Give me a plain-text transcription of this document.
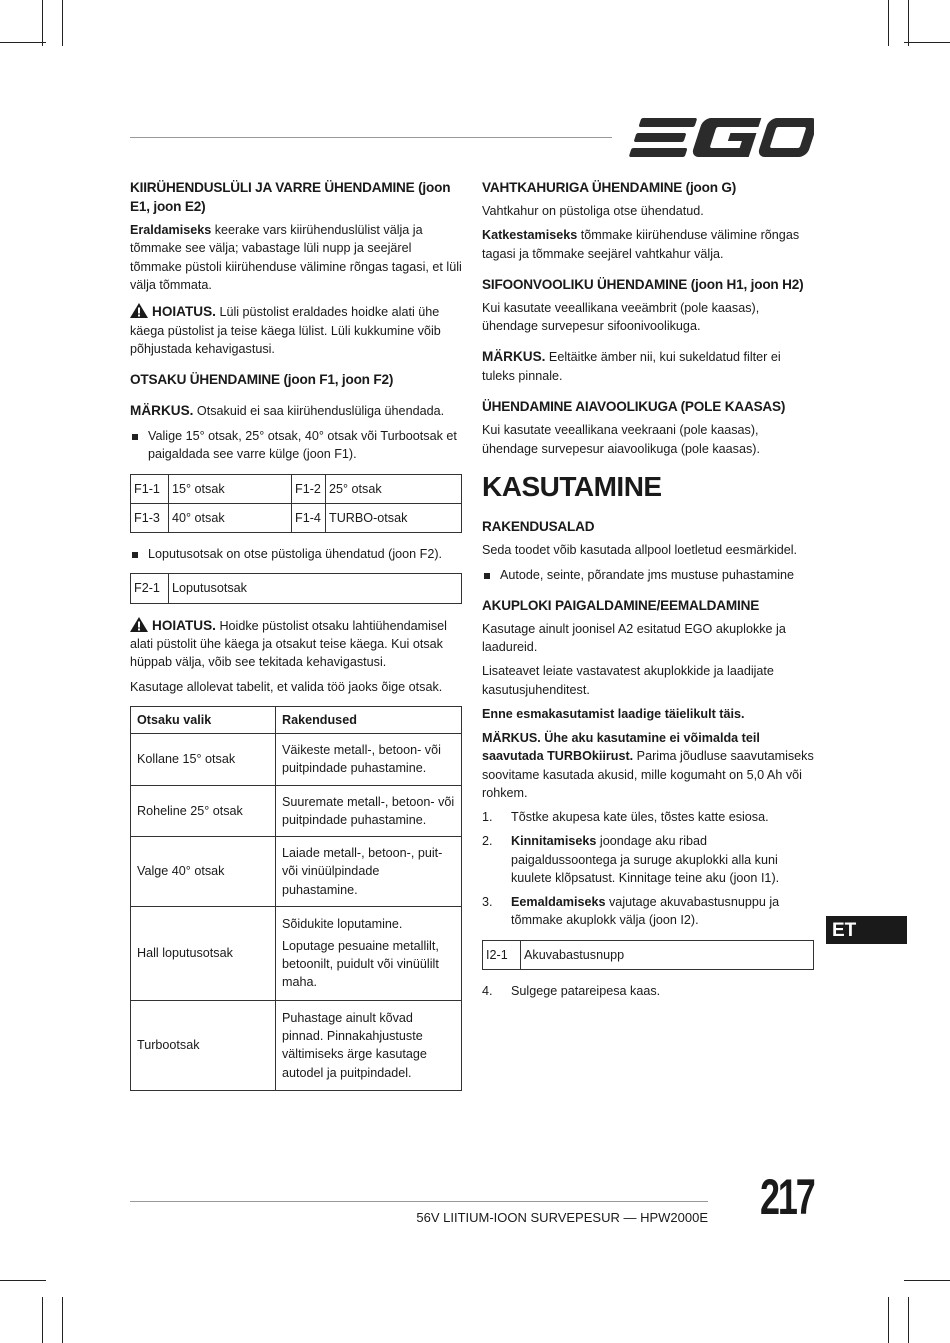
KIIRÜHENDUSLÜLI JA VARRE ÜHENDAMINE (joon E1, joon E2)

Eraldamiseks keerake vars kiirühenduslülist välja ja tõmmake see välja; vabastage lüli nupp ja seejärel tõmmake püstoli kiirühenduse välimine rõngas tagasi, et lüli välja tõmmata.

HOIATUS. Lüli püstolist eraldades hoidke alati ühe käega püstolist ja teise käega lülist. Lüli kukkumine võib põhjustada kehavigastusi.

OTSAKU ÜHENDAMINE (joon F1, joon F2)

MÄRKUS. Otsakuid ei saa kiirühenduslüliga ühendada.

Valige 15° otsak, 25° otsak, 40° otsak või Turbootsak et paigaldada see varre külge (joon F1).
F1-1	15° otsak	F1-2	25° otsak
F1-3	40° otsak	F1-4	TURBO-otsak
Loputusotsak on otse püstoliga ühendatud (joon F2).
F2-1	Loputusotsak

HOIATUS. Hoidke püstolist otsaku lahtiühendamisel alati püstolit ühe käega ja otsakut teise käega. Kui otsak hüppab välja, võib see tekitada kehavigastusi.

Kasutage allolevat tabelit, et valida töö jaoks õige otsak.

Otsaku valik	Rakendused
Kollane 15° otsak	Väikeste metall-, betoon- või puitpindade puhastamine.

Roheline 25° otsak	Suuremate metall-, betoon- või puitpindade puhastamine.

Valge 40° otsak	Laiade metall-, betoon-, puit- või vinüülpindade puhastamine.

Hall loputusotsak	Sõidukite loputamine.

Loputage pesuaine metallilt, betoonilt, puidult või vinüülilt maha.

Turbootsak	Puhastage ainult kõvad pinnad. Pinnakahjustuste vältimiseks ärge kasutage autodel ja puitpindadel.

VAHTKAHURIGA ÜHENDAMINE (joon G)

Vahtkahur on püstoliga otse ühendatud.

Katkestamiseks tõmmake kiirühenduse välimine rõngas tagasi ja tõmmake seejärel vahtkahur välja.

SIFOONVOOLIKU ÜHENDAMINE (joon H1, joon H2)

Kui kasutate veeallikana veeämbrit (pole kaasas), ühendage survepesur sifoonivoolikuga.

MÄRKUS. Eeltäitke ämber nii, kui sukeldatud filter ei tuleks pinnale.

ÜHENDAMINE AIAVOOLIKUGA (POLE KAASAS)

Kui kasutate veeallikana veekraani (pole kaasas), ühendage survepesur aiavoolikuga (pole kaasas).

KASUTAMINE
RAKENDUSALAD

Seda toodet võib kasutada allpool loetletud eesmärkidel.

Autode, seinte, põrandate jms mustuse puhastamine
AKUPLOKI PAIGALDAMINE/EEMALDAMINE

Kasutage ainult joonisel A2 esitatud EGO akuplokke ja laadureid.

Lisateavet leiate vastavatest akuplokkide ja laadijate kasutusjuhenditest.

Enne esmakasutamist laadige täielikult täis.

MÄRKUS. Ühe aku kasutamine ei võimalda teil saavutada TURBOkiirust. Parima jõudluse saavutamiseks soovitame kasutada akusid, mille kogumaht on 5,0 Ah või rohkem.

1.	Tõstke akupesa kate üles, tõstes katte esiosa.
2.	Kinnitamiseks joondage aku ribad paigaldussoontega ja suruge akuplokki alla kuni kuulete klõpsatust. Kinnitage teine aku (joon I1).
3.	Eemaldamiseks vajutage akuvabastusnuppu ja tõmmake akuplokk välja (joon I2).
I2-1	Akuvabastusnupp
4.	Sulgege patareipesa kaas.
ET
56V LIITIUM-IOON SURVEPESUR — HPW2000E 217
